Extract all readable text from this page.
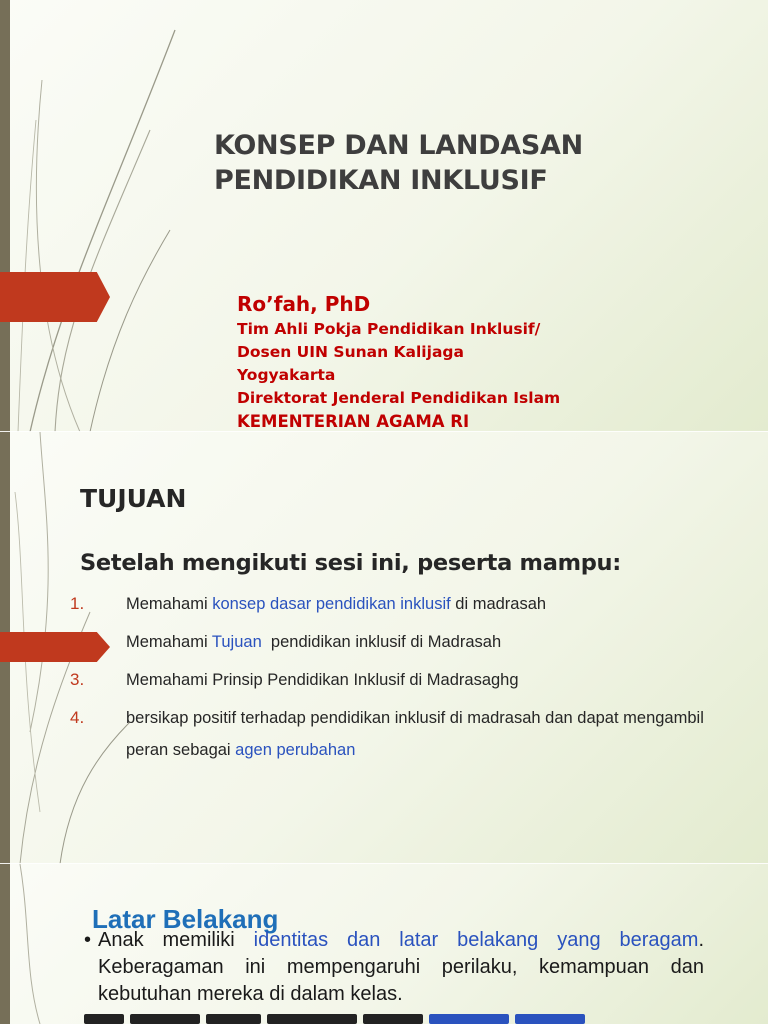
KONSEP DAN LANDASAN
PENDIDIKAN INKLUSIF
Ro’fah, PhD
Tim Ahli Pokja Pendidikan Inklusif/
Dosen UIN Sunan Kalijaga
Yogyakarta
Direktorat Jenderal Pendidikan Islam
KEMENTERIAN AGAMA RI
TUJUAN
Setelah mengikuti sesi ini, peserta mampu:
1.	Memahami konsep dasar pendidikan inklusif di madrasah
Memahami Tujuan  pendidikan inklusif di Madrasah
3.	Memahami Prinsip Pendidikan Inklusif di Madrasaghg
4.	bersikap positif terhadap pendidikan inklusif di madrasah dan dapat mengambil peran sebagai agen perubahan
Latar Belakang
• Anak memiliki identitas dan latar belakang yang beragam. Keberagaman ini mempengaruhi perilaku, kemampuan dan kebutuhan mereka di dalam kelas.
